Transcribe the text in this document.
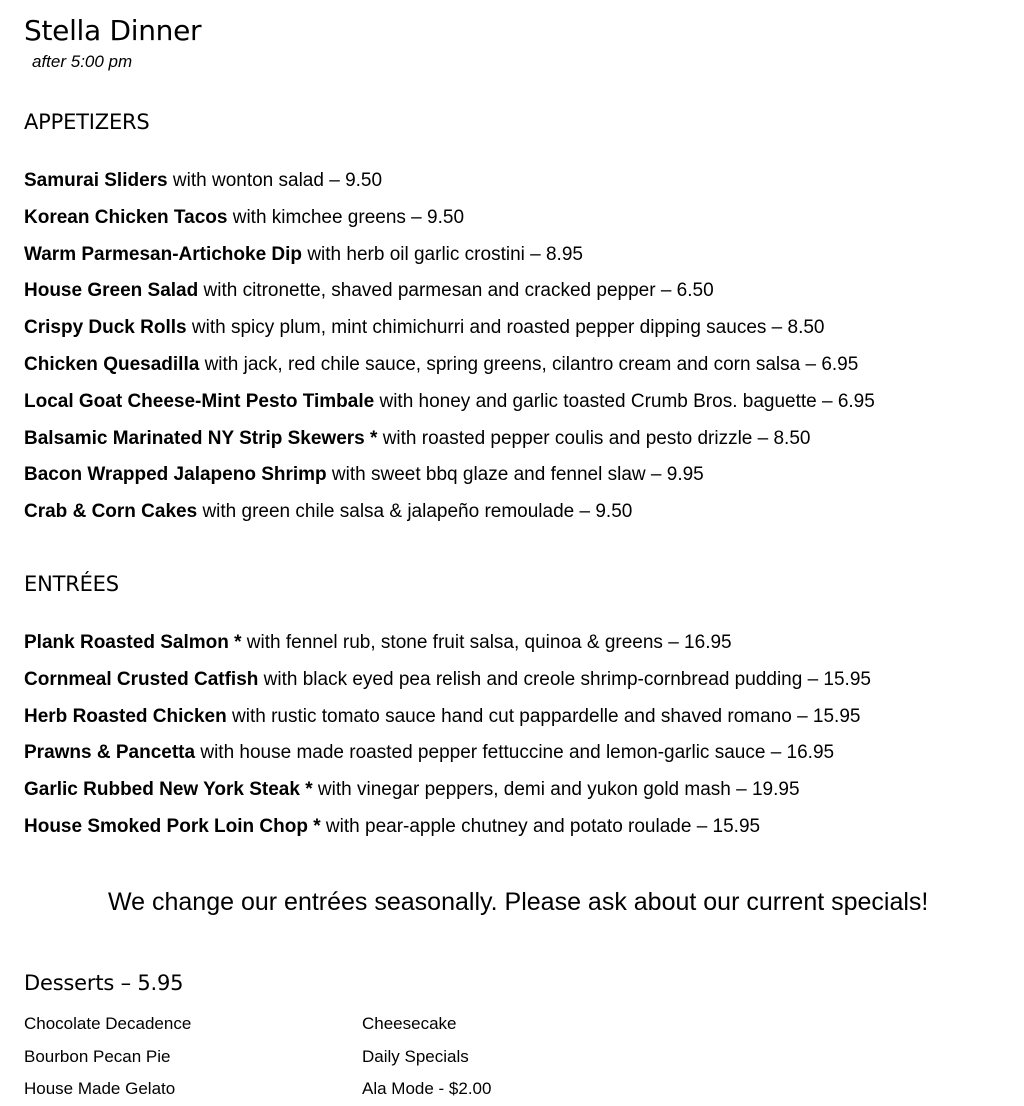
Stella Dinner
after 5:00 pm
APPETIZERS
Samurai Sliders with wonton salad – 9.50
Korean Chicken Tacos with kimchee greens – 9.50
Warm Parmesan-Artichoke Dip with herb oil garlic crostini – 8.95
House Green Salad with citronette, shaved parmesan and cracked pepper – 6.50
Crispy Duck Rolls with spicy plum, mint chimichurri and roasted pepper dipping sauces – 8.50
Chicken Quesadilla with jack, red chile sauce, spring greens, cilantro cream and corn salsa – 6.95
Local Goat Cheese-Mint Pesto Timbale with honey and garlic toasted Crumb Bros. baguette – 6.95
Balsamic Marinated NY Strip Skewers * with roasted pepper coulis and pesto drizzle – 8.50
Bacon Wrapped Jalapeno Shrimp with sweet bbq glaze and fennel slaw – 9.95
Crab & Corn Cakes with green chile salsa & jalapeño remoulade – 9.50
ENTRÉES
Plank Roasted Salmon * with fennel rub, stone fruit salsa, quinoa & greens – 16.95
Cornmeal Crusted Catfish with black eyed pea relish and creole shrimp-cornbread pudding – 15.95
Herb Roasted Chicken with rustic tomato sauce hand cut pappardelle and shaved romano – 15.95
Prawns & Pancetta with house made roasted pepper fettuccine and lemon-garlic sauce – 16.95
Garlic Rubbed New York Steak * with vinegar peppers, demi and yukon gold mash – 19.95
House Smoked Pork Loin Chop * with pear-apple chutney and potato roulade – 15.95

We change our entrées seasonally. Please ask about our current specials!

Desserts – 5.95
Chocolate Decadence
Bourbon Pecan Pie
House Made Gelato
Cheesecake
Daily Specials
Ala Mode - $2.00
